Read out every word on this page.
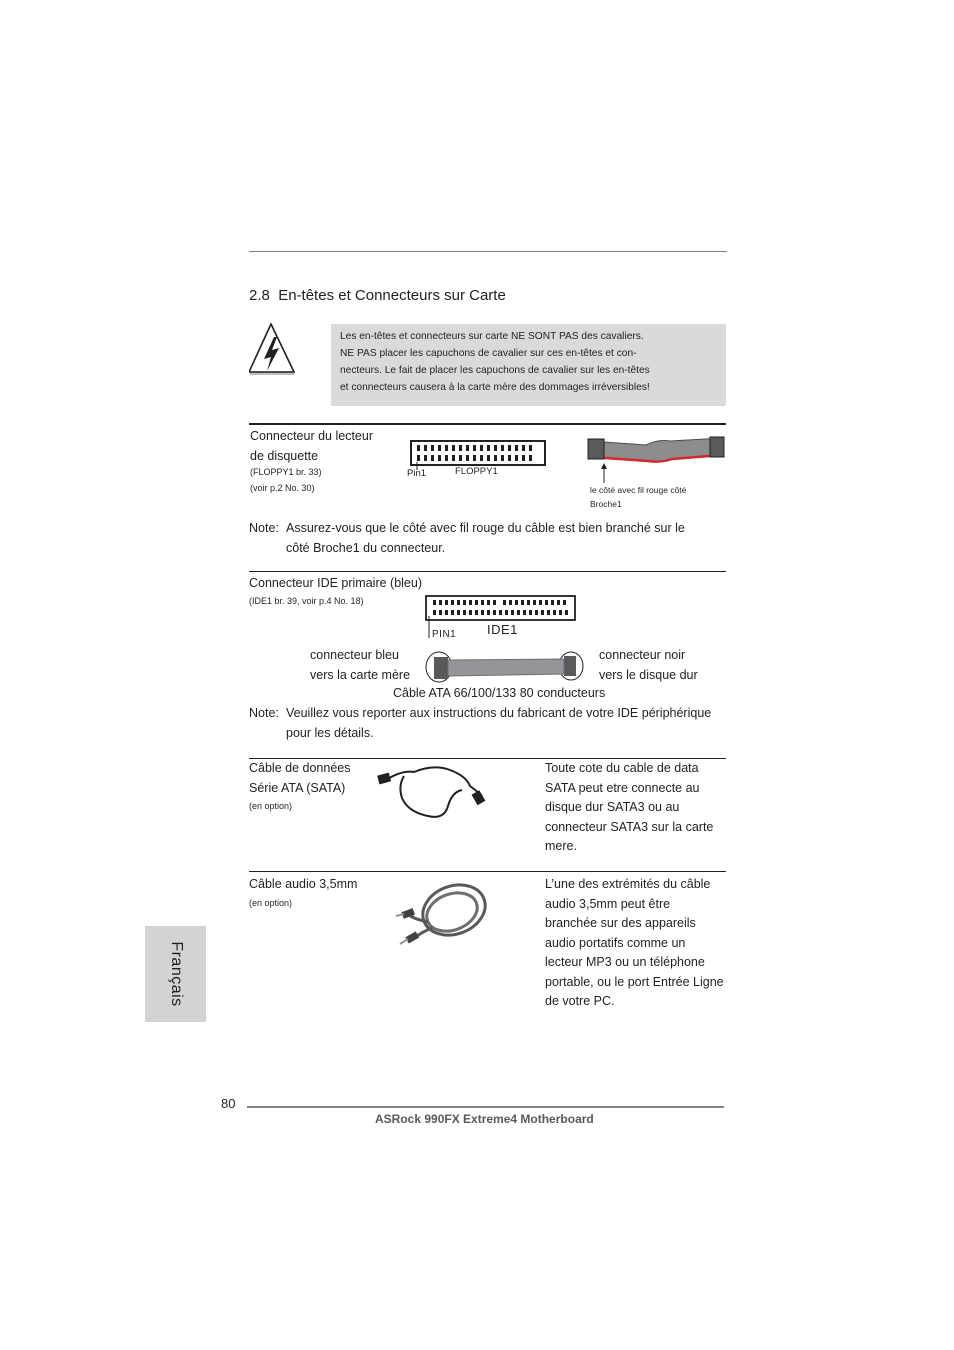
2.8 En-têtes et Connecteurs sur Carte
Les en-têtes et connecteurs sur carte NE SONT PAS des cavaliers.
NE PAS placer les capuchons de cavalier sur ces en-têtes et con-
necteurs. Le fait de placer les capuchons de cavalier sur les en-têtes
et connecteurs causera à la carte mère des dommages irréversibles!
Connecteur du lecteur
de disquette
(FLOPPY1 br. 33)
(voir p.2 No. 30)
Pin1	FLOPPY1
le côté avec fil rouge côté
Broche1
Note: Assurez-vous que le côté avec fil rouge du câble est bien branché sur le
côté Broche1 du connecteur.
Connecteur IDE primaire (bleu)
(IDE1 br. 39, voir p.4 No. 18)
PIN1 IDE1
connecteur bleu
vers la carte mère
connecteur noir
vers le disque dur
Câble ATA 66/100/133 80 conducteurs
Note: Veuillez vous reporter aux instructions du fabricant de votre IDE périphérique
pour les détails.
Câble de données
Série ATA (SATA)
(en option)
Toute cote du cable de data
SATA peut etre connecte au
disque dur SATA3 ou au
connecteur SATA3 sur la carte
mere.
Câble audio 3,5mm
(en option)
L’une des extrémités du câble
audio 3,5mm peut être
branchée sur des appareils
audio portatifs comme un
lecteur MP3 ou un téléphone
portable, ou le port Entrée Ligne
de votre PC.
Français
80
ASRock 990FX Extreme4 Motherboard
